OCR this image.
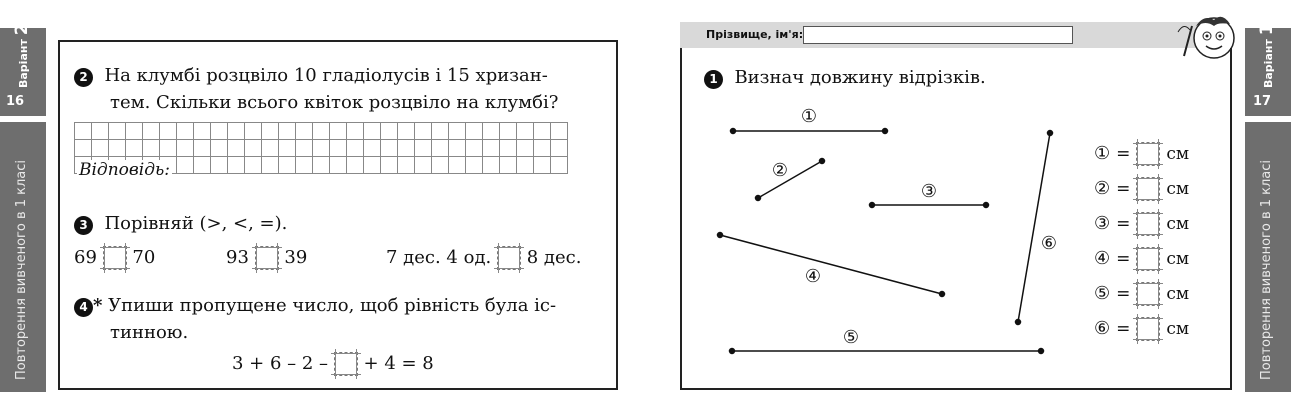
Варіант 2
16
Повторення вивченого в 1 класі
2 На клумбі розцвіло 10 гладіолусів і 15 хризан-
тем. Скільки всього квіток розцвіло на клумбі?

Відповідь:
3 Порівняй (>, <, =).
69 70	93 39	7 дес. 4 од. 8 дес.
4 * Упиши пропущене число, щоб рівність була іс-
тинною.
3 + 6 – 2 – + 4 = 8
Прізвище, ім'я:
Варіант 1
17
Повторення вивченого в 1 класі
1 Визнач довжину відрізків.
①
②
③
④
⑤
⑥
① = см
② = см
③ = см
④ = см
⑤ = см
⑥ = см
